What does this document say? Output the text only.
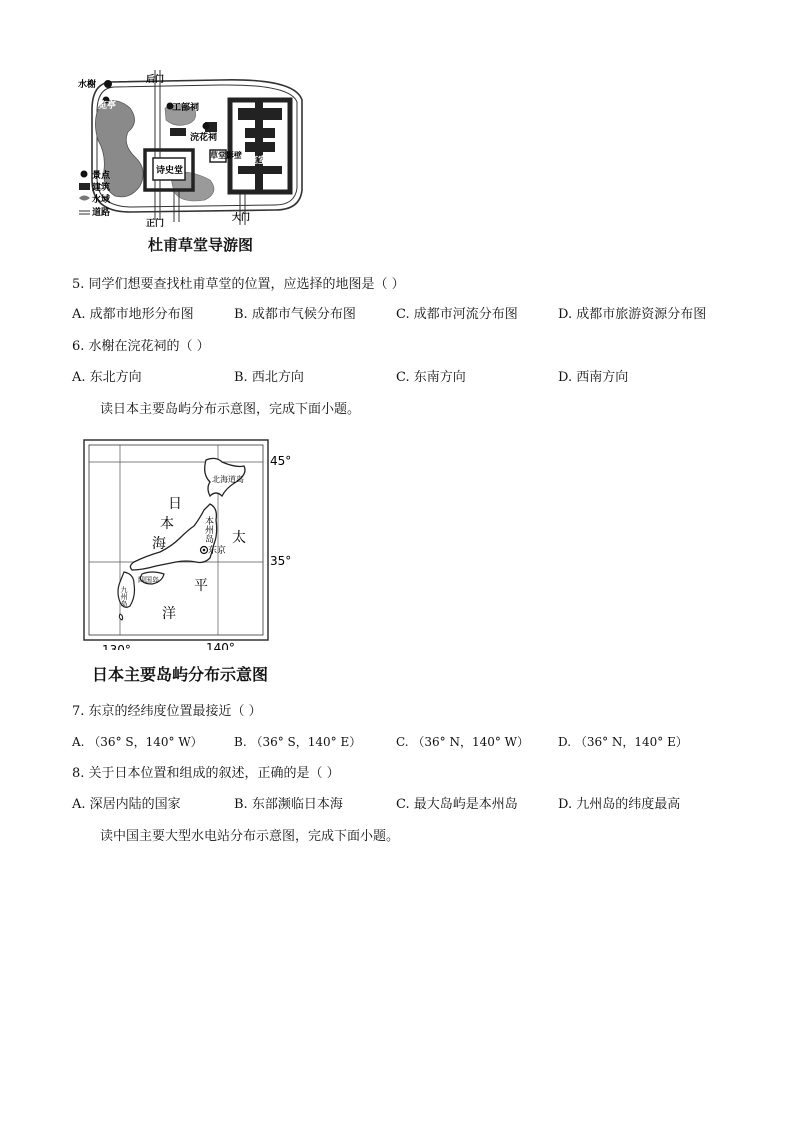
水榭	后门
览亭	工部祠
浣花祠
诗史堂
草堂影壁
展览室
正门
大门
景点
建筑
水域
道路
杜甫草堂导游图
5. 同学们想要查找杜甫草堂的位置，应选择的地图是（ ）
A. 成都市地形分布图	B. 成都市气候分布图	C. 成都市河流分布图	D. 成都市旅游资源分布图
6. 水榭在浣花祠的（ ）
A. 东北方向	B. 西北方向	C. 东南方向	D. 西南方向
读日本主要岛屿分布示意图，完成下面小题。
45°
35°
130°	140°
日
本
海	太
平
洋
北海道岛
本州岛
四国岛
九州岛
东京
日本主要岛屿分布示意图
7. 东京的经纬度位置最接近（ ）
A. （36° S，140° W）	B. （36° S，140° E）	C. （36° N，140° W） D. （36° N，140° E）
8. 关于日本位置和组成的叙述，正确的是（ ）
A. 深居内陆的国家	B. 东部濒临日本海	C. 最大岛屿是本州岛	D. 九州岛的纬度最高
读中国主要大型水电站分布示意图，完成下面小题。
